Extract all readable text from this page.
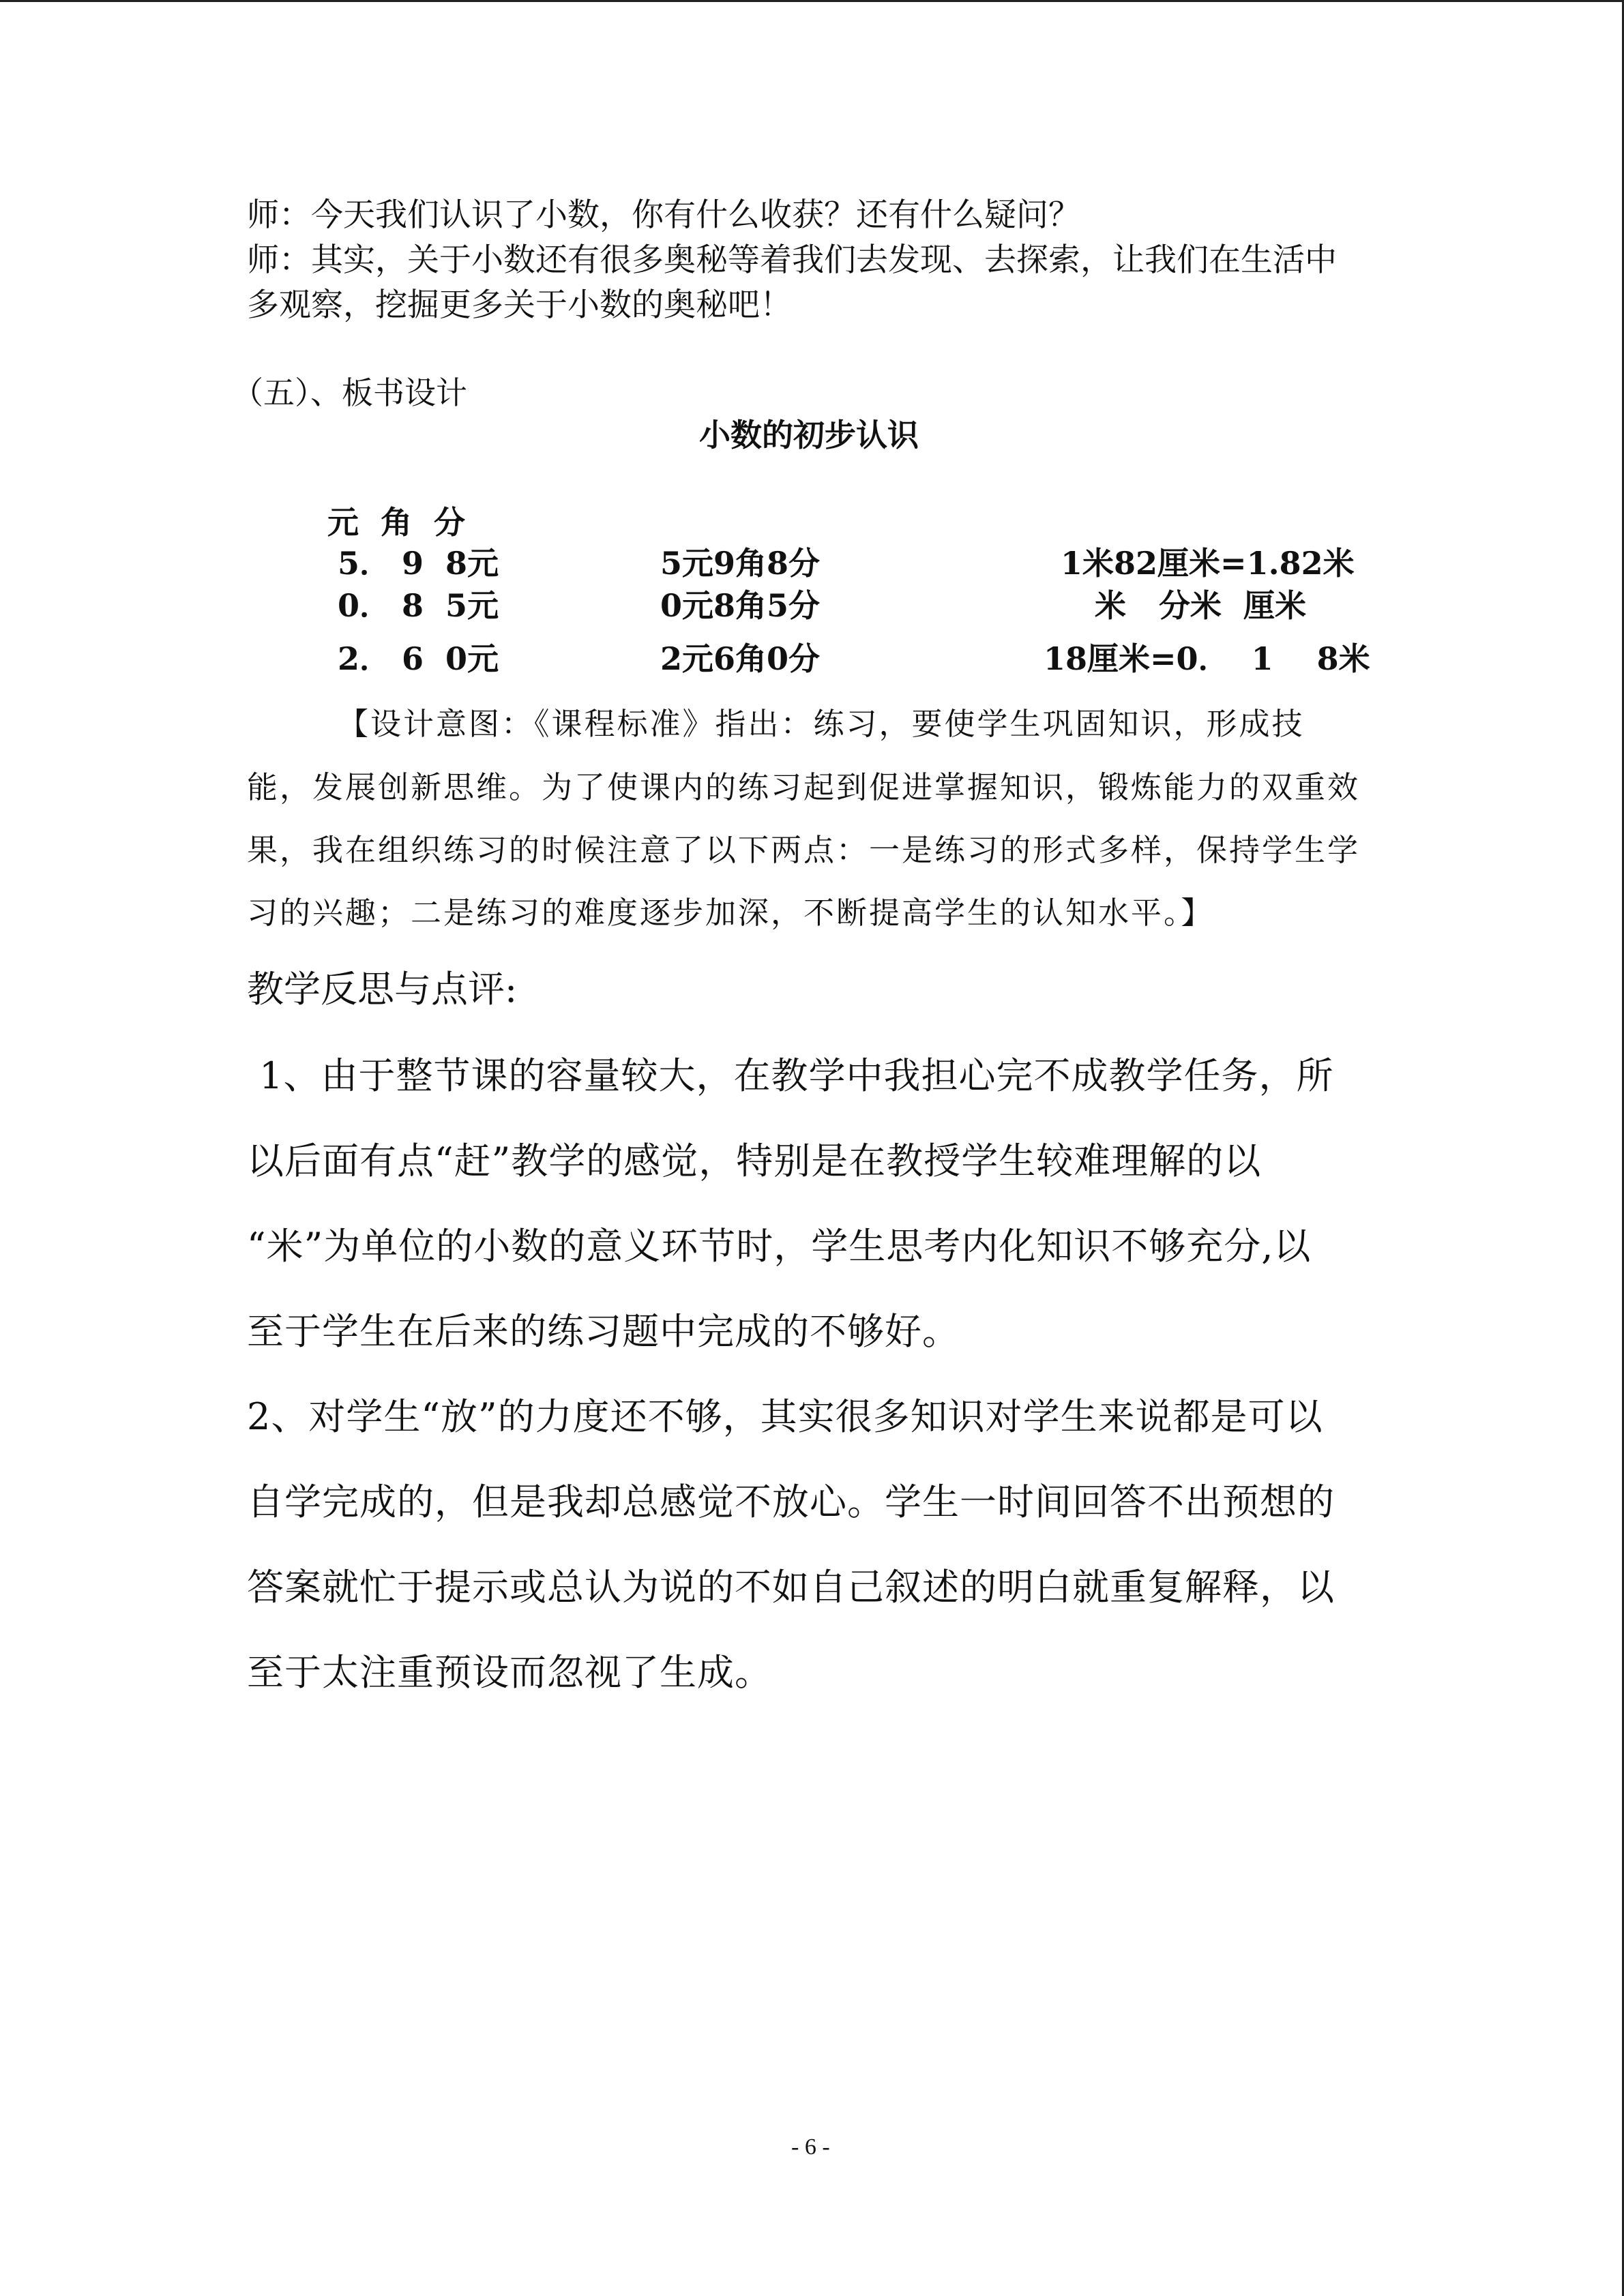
师：今天我们认识了小数，你有什么收获？还有什么疑问？
师：其实，关于小数还有很多奥秘等着我们去发现、去探索，让我们在生活中
多观察，挖掘更多关于小数的奥秘吧！
（五）、板书设计
小数的初步认识
元  角  分
5． 9  8元	5元9角8分	1米82厘米=1.82米
0． 8  5元	0元8角5分	米   分米  厘米
2． 6  0元	2元6角0分	18厘米=0．  1    8米
【设计意图：《课程标准》指出：练习，要使学生巩固知识，形成技
能，发展创新思维。为了使课内的练习起到促进掌握知识，锻炼能力的双重效
果，我在组织练习的时候注意了以下两点：一是练习的形式多样，保持学生学
习的兴趣；二是练习的难度逐步加深，不断提高学生的认知水平。】
教学反思与点评:
1、由于整节课的容量较大，在教学中我担心完不成教学任务，所
以后面有点“赶”教学的感觉，特别是在教授学生较难理解的以
“米”为单位的小数的意义环节时，学生思考内化知识不够充分,以
至于学生在后来的练习题中完成的不够好。
2、对学生“放”的力度还不够，其实很多知识对学生来说都是可以
自学完成的，但是我却总感觉不放心。学生一时间回答不出预想的
答案就忙于提示或总认为说的不如自己叙述的明白就重复解释，以
至于太注重预设而忽视了生成。
- 6 -
